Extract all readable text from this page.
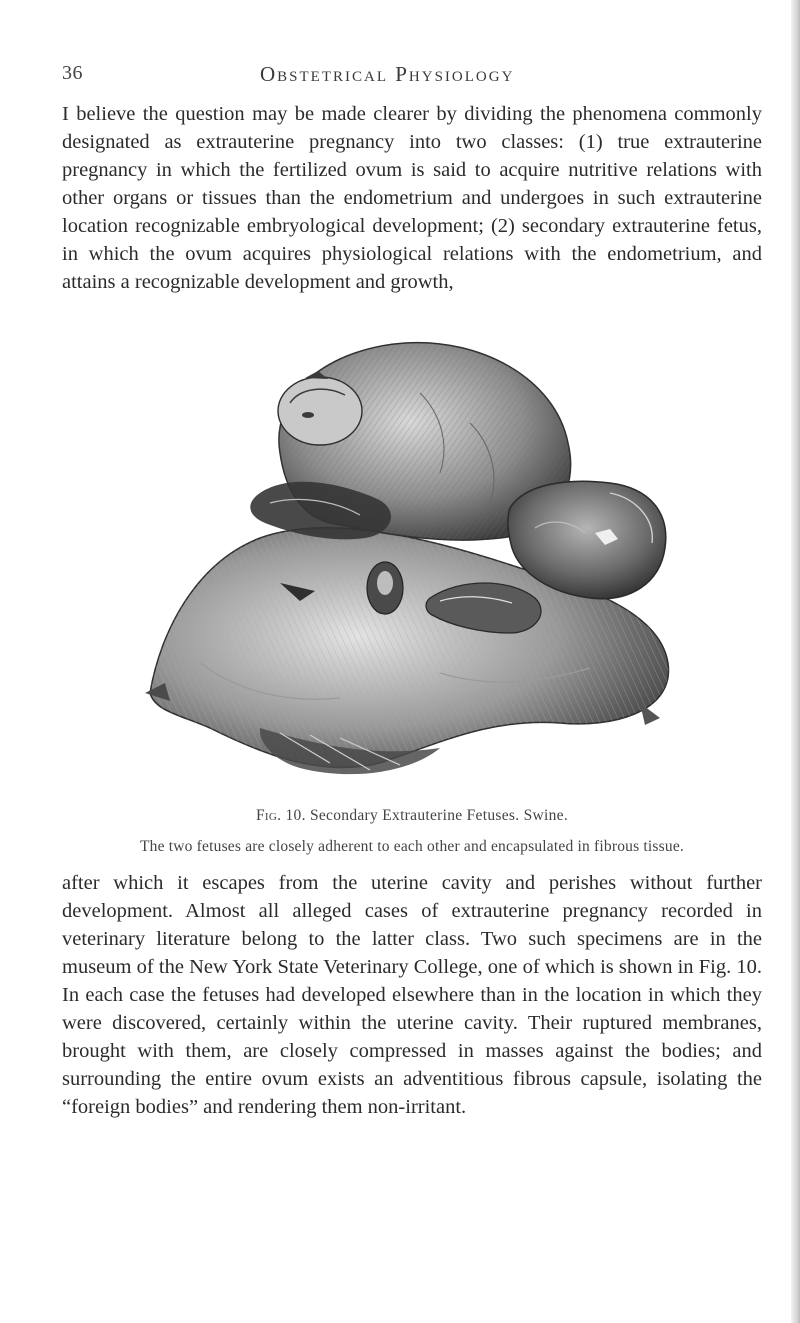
36	Obstetrical Physiology

I believe the question may be made clearer by dividing the phenomena commonly designated as extrauterine pregnancy into two classes: (1) true extrauterine pregnancy in which the fertilized ovum is said to acquire nutritive relations with other organs or tissues than the endometrium and undergoes in such extrauterine location recognizable embryological development; (2) secondary extrauterine fetus, in which the ovum acquires physiological relations with the endometrium, and attains a recognizable development and growth,

Fig. 10. Secondary Extrauterine Fetuses. Swine.
The two fetuses are closely adherent to each other and encapsulated in fibrous tissue.

after which it escapes from the uterine cavity and perishes without further development. Almost all alleged cases of extrauterine pregnancy recorded in veterinary literature belong to the latter class. Two such specimens are in the museum of the New York State Veterinary College, one of which is shown in Fig. 10. In each case the fetuses had developed elsewhere than in the location in which they were discovered, certainly within the uterine cavity. Their ruptured membranes, brought with them, are closely compressed in masses against the bodies; and surrounding the entire ovum exists an adventitious fibrous capsule, isolating the “foreign bodies” and rendering them non-irritant.
